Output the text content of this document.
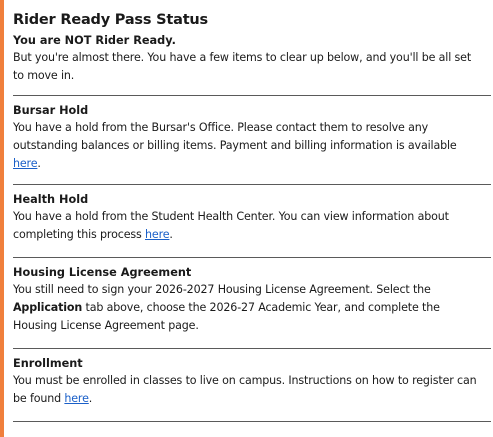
Rider Ready Pass Status

You are NOT Rider Ready.

But you're almost there. You have a few items to clear up below, and you'll be all set to move in.

Bursar Hold

You have a hold from the Bursar's Office. Please contact them to resolve any outstanding balances or billing items. Payment and billing information is available here.

Health Hold

You have a hold from the Student Health Center. You can view information about completing this process here.

Housing License Agreement

You still need to sign your 2026-2027 Housing License Agreement. Select the Application tab above, choose the 2026-27 Academic Year, and complete the Housing License Agreement page.

Enrollment

You must be enrolled in classes to live on campus. Instructions on how to register can be found here.
